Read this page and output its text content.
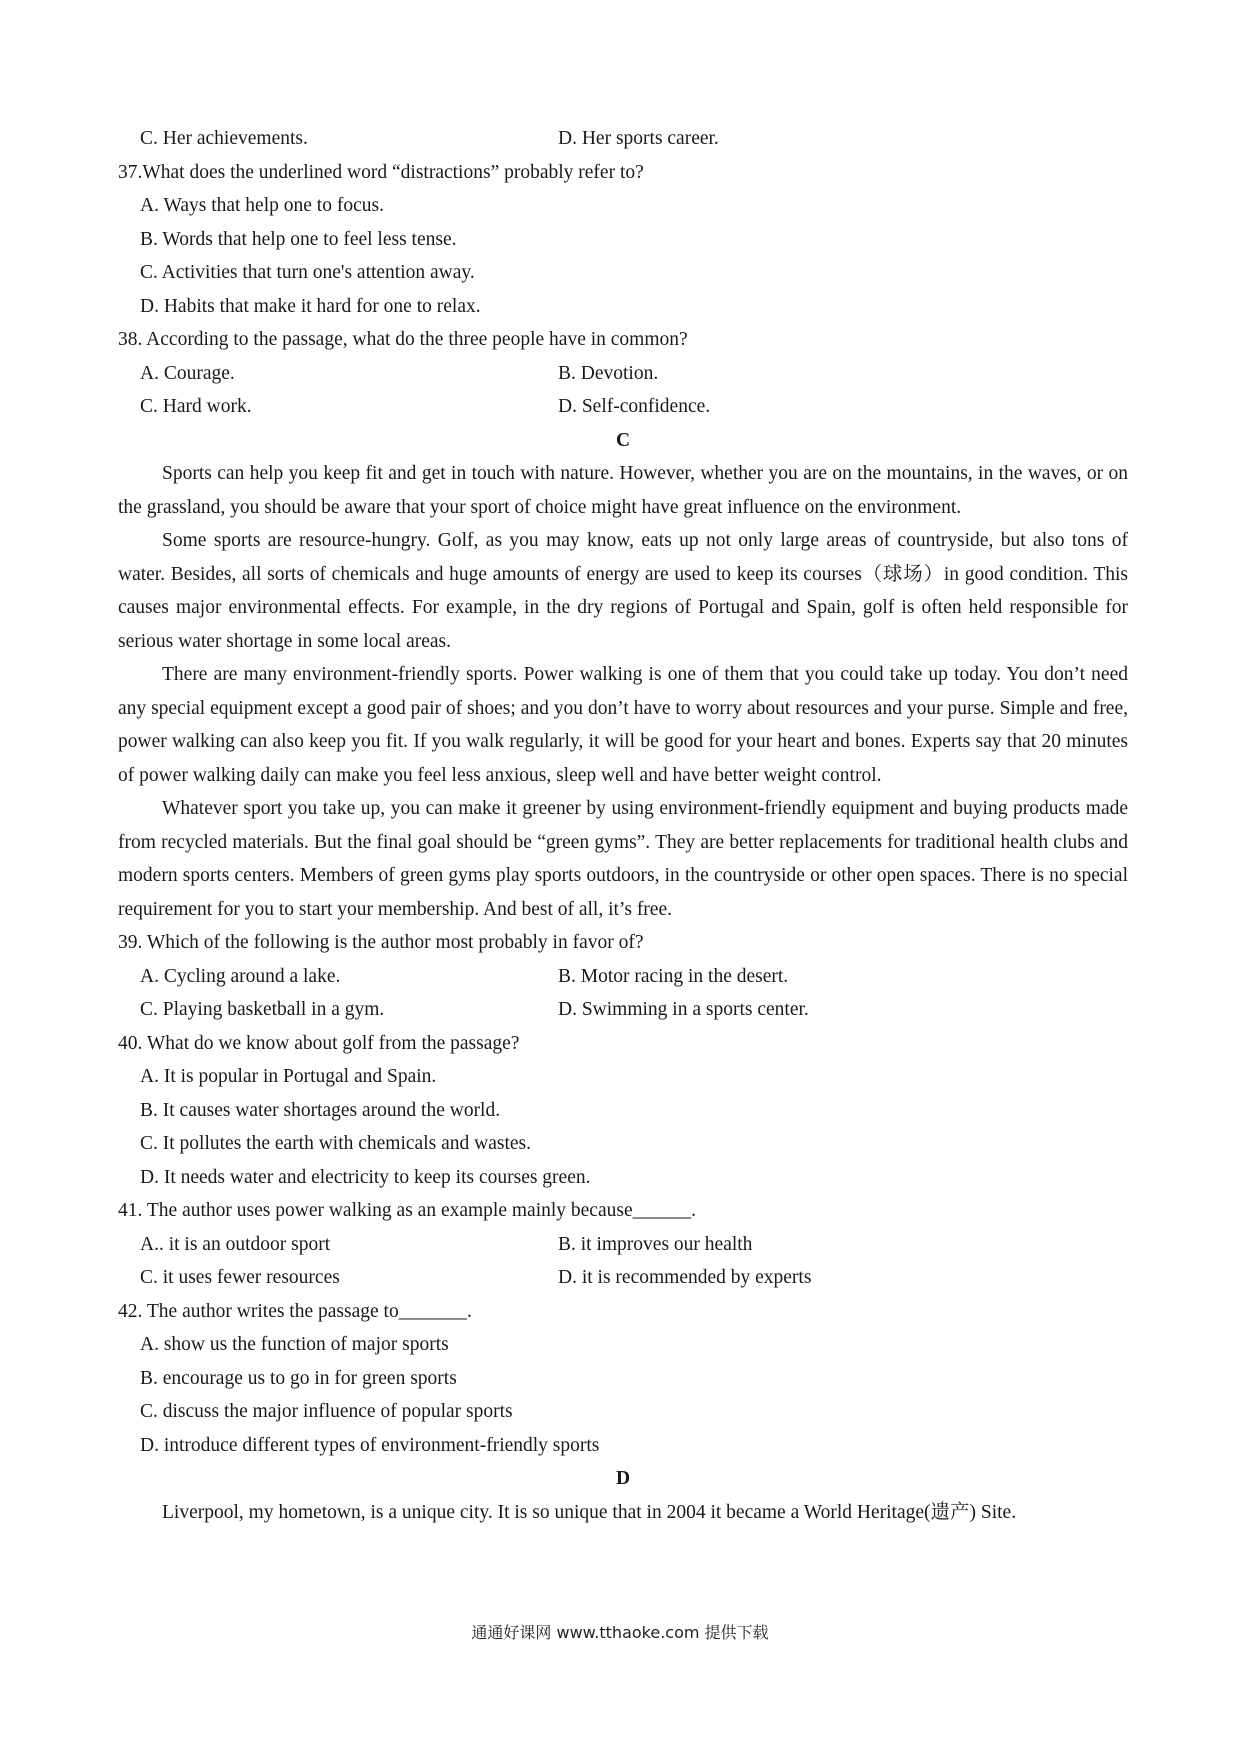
C. Her achievements.	D. Her sports career.
37.What does the underlined word “distractions” probably refer to?
A. Ways that help one to focus.
B. Words that help one to feel less tense.
C. Activities that turn one's attention away.
D. Habits that make it hard for one to relax.
38. According to the passage, what do the three people have in common?
A. Courage.	B. Devotion.
C. Hard work.	D. Self-confidence.
C

Sports can help you keep fit and get in touch with nature. However, whether you are on the mountains, in the waves, or on the grassland, you should be aware that your sport of choice might have great influence on the environment.

Some sports are resource-hungry. Golf, as you may know, eats up not only large areas of countryside, but also tons of water. Besides, all sorts of chemicals and huge amounts of energy are used to keep its courses（球场）in good condition. This causes major environmental effects. For example, in the dry regions of Portugal and Spain, golf is often held responsible for serious water shortage in some local areas.

There are many environment-friendly sports. Power walking is one of them that you could take up today. You don’t need any special equipment except a good pair of shoes; and you don’t have to worry about resources and your purse. Simple and free, power walking can also keep you fit. If you walk regularly, it will be good for your heart and bones. Experts say that 20 minutes of power walking daily can make you feel less anxious, sleep well and have better weight control.

Whatever sport you take up, you can make it greener by using environment-friendly equipment and buying products made from recycled materials. But the final goal should be “green gyms”. They are better replacements for traditional health clubs and modern sports centers. Members of green gyms play sports outdoors, in the countryside or other open spaces. There is no special requirement for you to start your membership. And best of all, it’s free.

39. Which of the following is the author most probably in favor of?
A. Cycling around a lake.	B. Motor racing in the desert.
C. Playing basketball in a gym.	D. Swimming in a sports center.
40. What do we know about golf from the passage?
A. It is popular in Portugal and Spain.
B. It causes water shortages around the world.
C. It pollutes the earth with chemicals and wastes.
D. It needs water and electricity to keep its courses green.
41. The author uses power walking as an example mainly because______.
A.. it is an outdoor sport	B. it improves our health
C. it uses fewer resources	D. it is recommended by experts
42. The author writes the passage to_______.
A. show us the function of major sports
B. encourage us to go in for green sports
C. discuss the major influence of popular sports
D. introduce different types of environment-friendly sports
D

Liverpool, my hometown, is a unique city. It is so unique that in 2004 it became a World Heritage(遗产) Site.

通通好课网 www.tthaoke.com 提供下载
